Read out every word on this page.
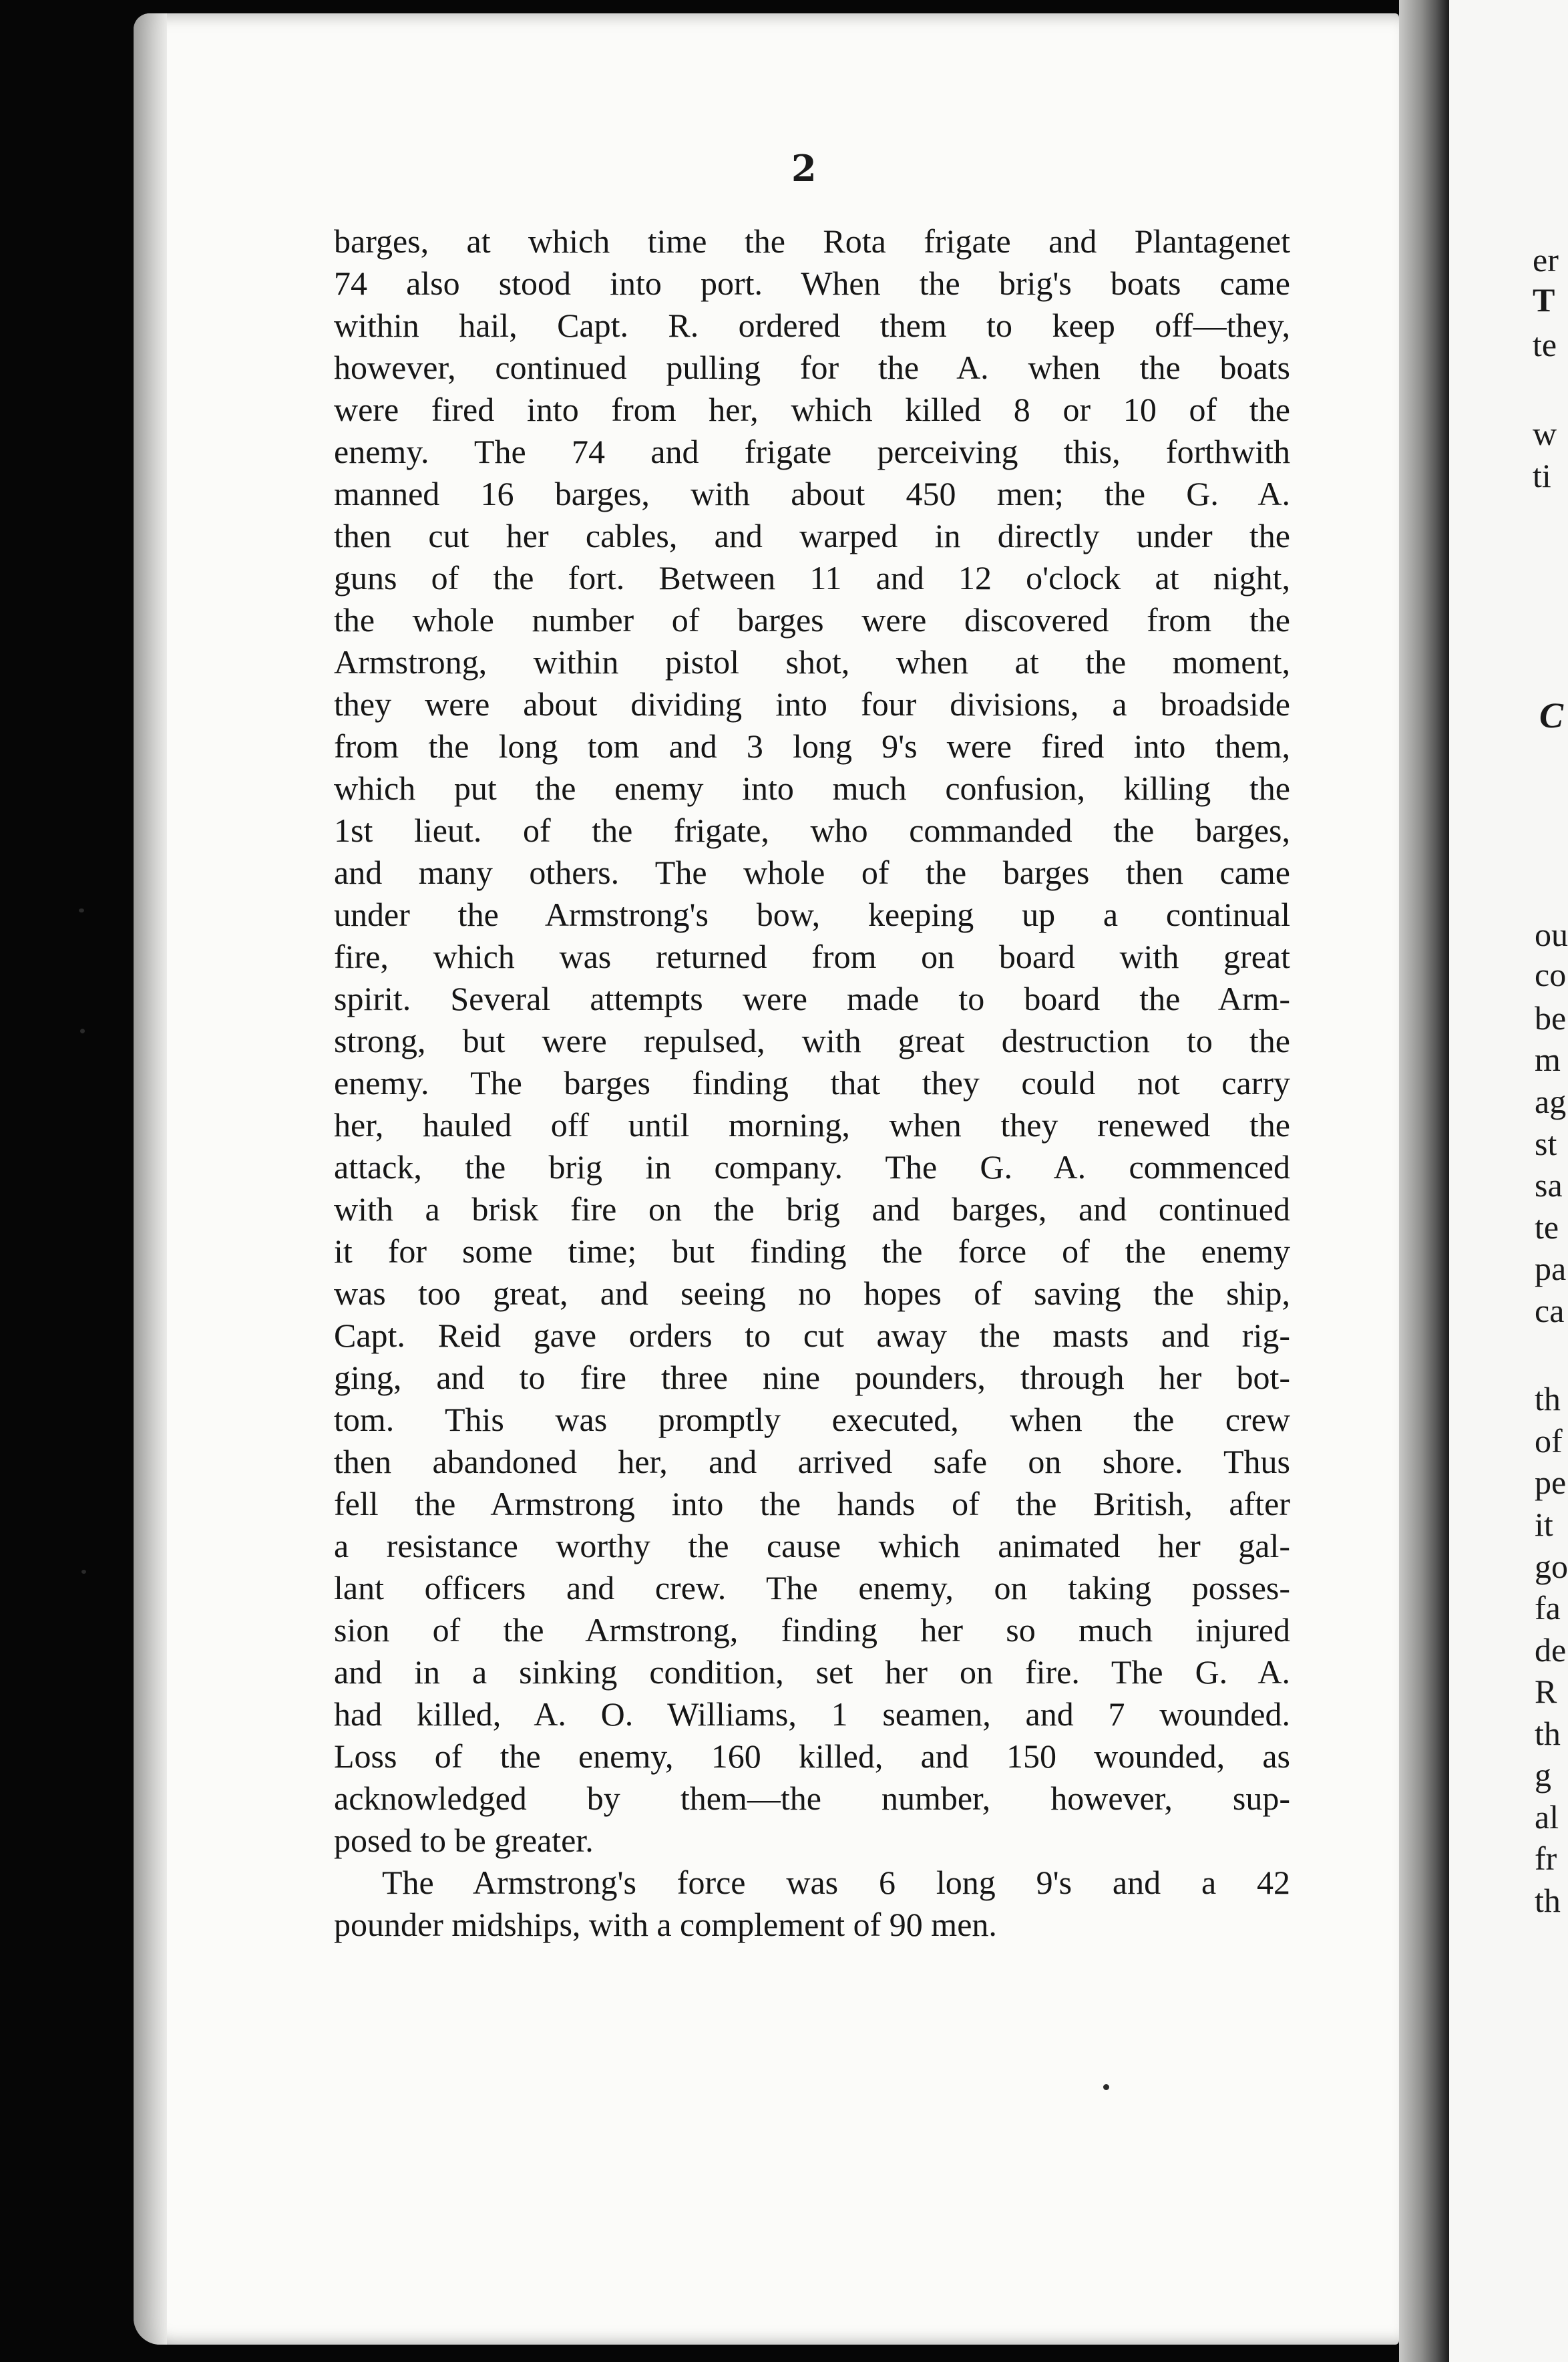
2
barges, at which time the Rota frigate and Plantagenet
74 also stood into port. When the brig's boats came
within hail, Capt. R. ordered them to keep off—they,
however, continued pulling for the A. when the boats
were fired into from her, which killed 8 or 10 of the
enemy. The 74 and frigate perceiving this, forthwith
manned 16 barges, with about 450 men; the G. A.
then cut her cables, and warped in directly under the
guns of the fort. Between 11 and 12 o'clock at night,
the whole number of barges were discovered from the
Armstrong, within pistol shot, when at the moment,
they were about dividing into four divisions, a broadside
from the long tom and 3 long 9's were fired into them,
which put the enemy into much confusion, killing the
1st lieut. of the frigate, who commanded the barges,
and many others. The whole of the barges then came
under the Armstrong's bow, keeping up a continual
fire, which was returned from on board with great
spirit. Several attempts were made to board the Arm-
strong, but were repulsed, with great destruction to the
enemy. The barges finding that they could not carry
her, hauled off until morning, when they renewed the
attack, the brig in company. The G. A. commenced
with a brisk fire on the brig and barges, and continued
it for some time; but finding the force of the enemy
was too great, and seeing no hopes of saving the ship,
Capt. Reid gave orders to cut away the masts and rig-
ging, and to fire three nine pounders, through her bot-
tom. This was promptly executed, when the crew
then abandoned her, and arrived safe on shore. Thus
fell the Armstrong into the hands of the British, after
a resistance worthy the cause which animated her gal-
lant officers and crew. The enemy, on taking posses-
sion of the Armstrong, finding her so much injured
and in a sinking condition, set her on fire. The G. A.
had killed, A. O. Williams, 1 seamen, and 7 wounded.
Loss of the enemy, 160 killed, and 150 wounded, as
acknowledged by them—the number, however, sup-
posed to be greater.
The Armstrong's force was 6 long 9's and a 42
pounder midships, with a complement of 90 men.
er
T
te
w
ti
C
ou
co
be
m
ag
st
sa
te
pa
ca
th
of
pe
it
go
fa
de
R
th
g
al
fr
th
